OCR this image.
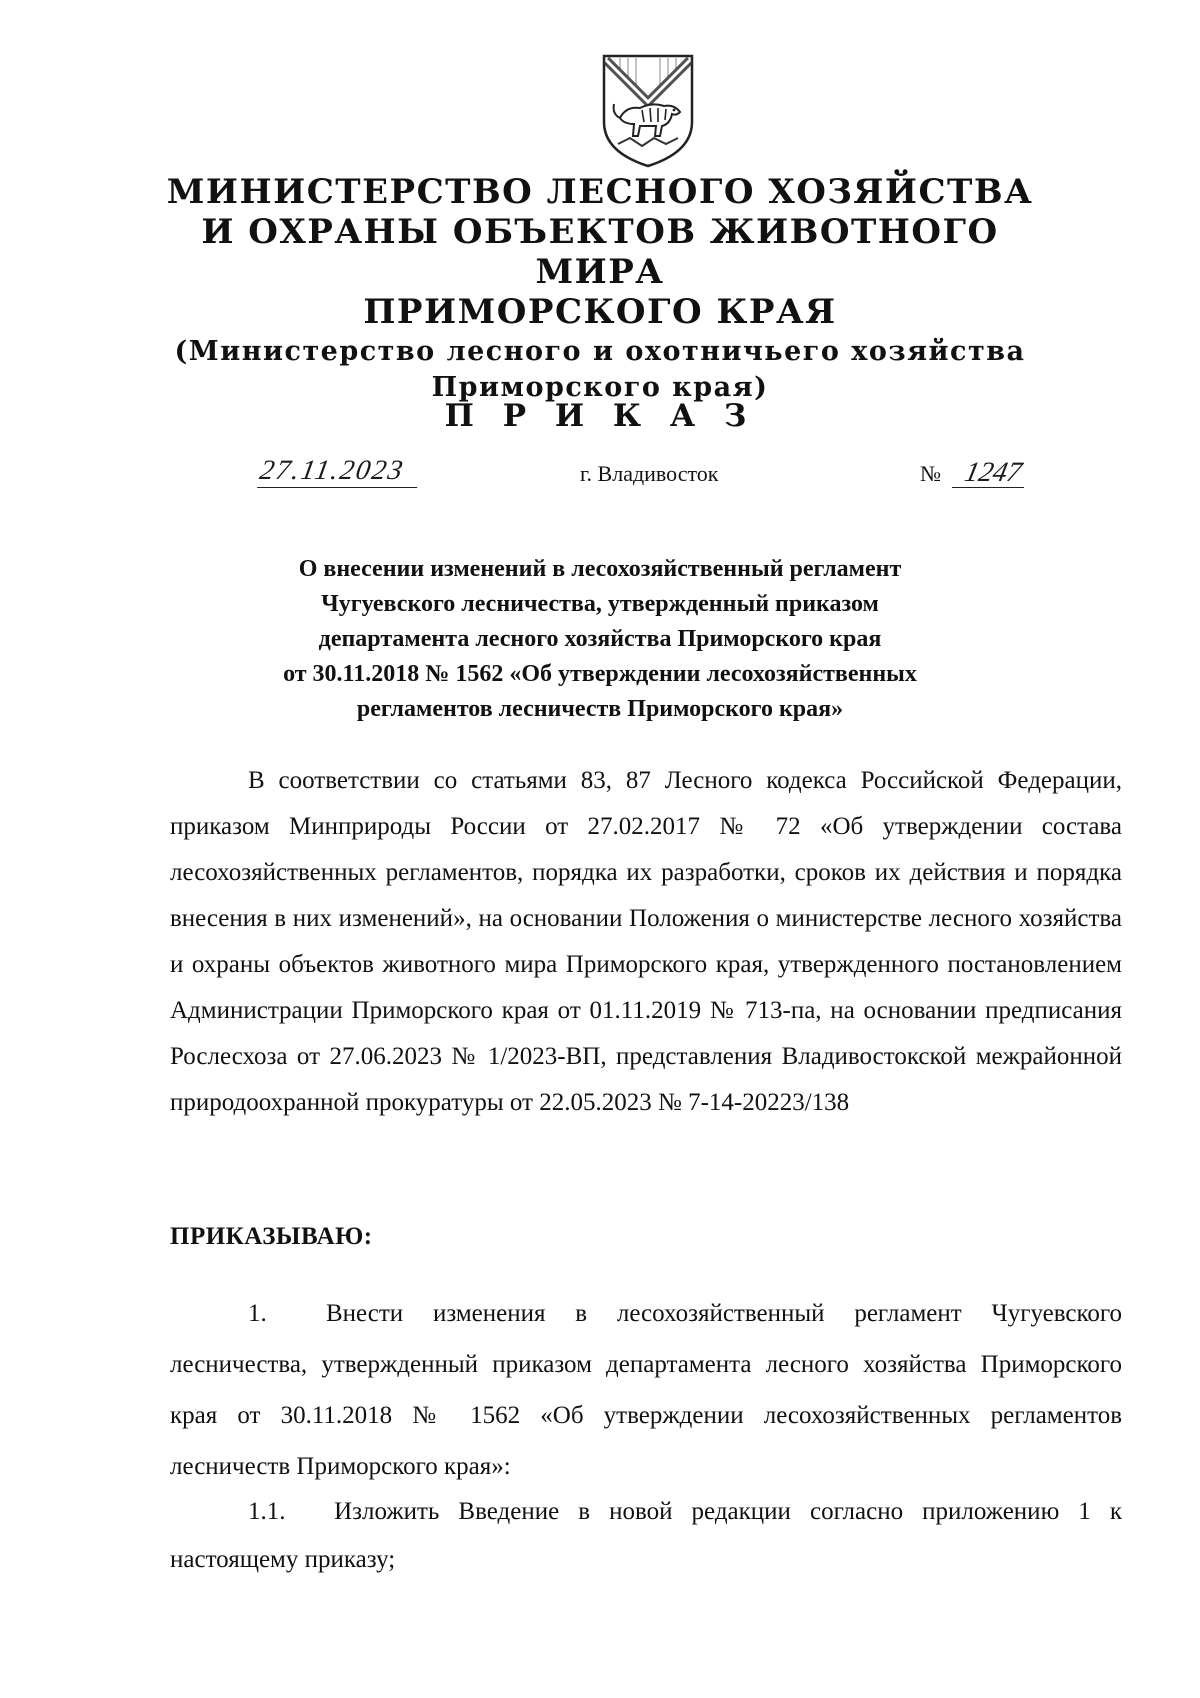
МИНИСТЕРСТВО ЛЕСНОГО ХОЗЯЙСТВА
И ОХРАНЫ ОБЪЕКТОВ ЖИВОТНОГО МИРА
ПРИМОРСКОГО КРАЯ
(Министерство лесного и охотничьего хозяйства
Приморского края)
П Р И К А З
27.11.2023	г. Владивосток	№ 1247
О внесении изменений в лесохозяйственный регламент
Чугуевского лесничества, утвержденный приказом
департамента лесного хозяйства Приморского края
от 30.11.2018 № 1562 «Об утверждении лесохозяйственных
регламентов лесничеств Приморского края»
В соответствии со статьями 83, 87 Лесного кодекса Российской Федерации, приказом Минприроды России от 27.02.2017 № 72 «Об утверждении состава лесохозяйственных регламентов, порядка их разработки, сроков их действия и порядка внесения в них изменений», на основании Положения о министерстве лесного хозяйства и охраны объектов животного мира Приморского края, утвержденного постановлением Администрации Приморского края от 01.11.2019 № 713-па, на основании предписания Рослесхоза от 27.06.2023 № 1/2023-ВП, представления Владивостокской межрайонной природоохранной прокуратуры от 22.05.2023 № 7-14-20223/138
ПРИКАЗЫВАЮ:
1. Внести изменения в лесохозяйственный регламент Чугуевского лесничества, утвержденный приказом департамента лесного хозяйства Приморского края от 30.11.2018 № 1562 «Об утверждении лесохозяйственных регламентов лесничеств Приморского края»:
1.1. Изложить Введение в новой редакции согласно приложению 1 к настоящему приказу;
